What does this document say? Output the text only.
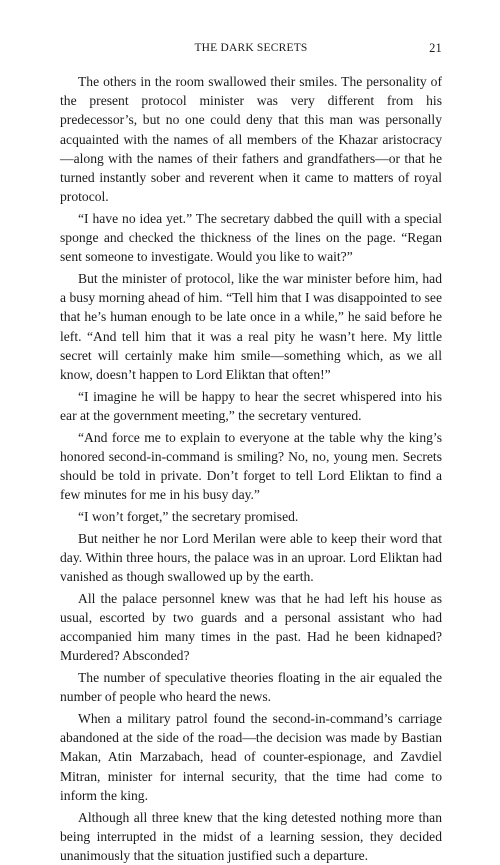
THE DARK SECRETS	21

The others in the room swallowed their smiles. The personality of the present protocol minister was very different from his predecessor’s, but no one could deny that this man was personally acquainted with the names of all members of the Khazar aristocracy—along with the names of their fathers and grandfathers—or that he turned instantly sober and reverent when it came to matters of royal protocol.

“I have no idea yet.” The secretary dabbed the quill with a special sponge and checked the thickness of the lines on the page. “Regan sent someone to investigate. Would you like to wait?”

But the minister of protocol, like the war minister before him, had a busy morning ahead of him. “Tell him that I was disappointed to see that he’s human enough to be late once in a while,” he said before he left. “And tell him that it was a real pity he wasn’t here. My little secret will certainly make him smile—something which, as we all know, doesn’t happen to Lord Eliktan that often!”

“I imagine he will be happy to hear the secret whispered into his ear at the government meeting,” the secretary ventured.

“And force me to explain to everyone at the table why the king’s honored second-in-command is smiling? No, no, young men. Secrets should be told in private. Don’t forget to tell Lord Eliktan to find a few minutes for me in his busy day.”

“I won’t forget,” the secretary promised.

But neither he nor Lord Merilan were able to keep their word that day. Within three hours, the palace was in an uproar. Lord Eliktan had vanished as though swallowed up by the earth.

All the palace personnel knew was that he had left his house as usual, escorted by two guards and a personal assistant who had accompanied him many times in the past. Had he been kidnaped? Murdered? Absconded?

The number of speculative theories floating in the air equaled the number of people who heard the news.

When a military patrol found the second-in-command’s carriage abandoned at the side of the road—the decision was made by Bastian Makan, Atin Marzabach, head of counter-espionage, and Zavdiel Mitran, minister for internal security, that the time had come to inform the king.

Although all three knew that the king detested nothing more than being interrupted in the midst of a learning session, they decided unanimously that the situation justified such a departure.
